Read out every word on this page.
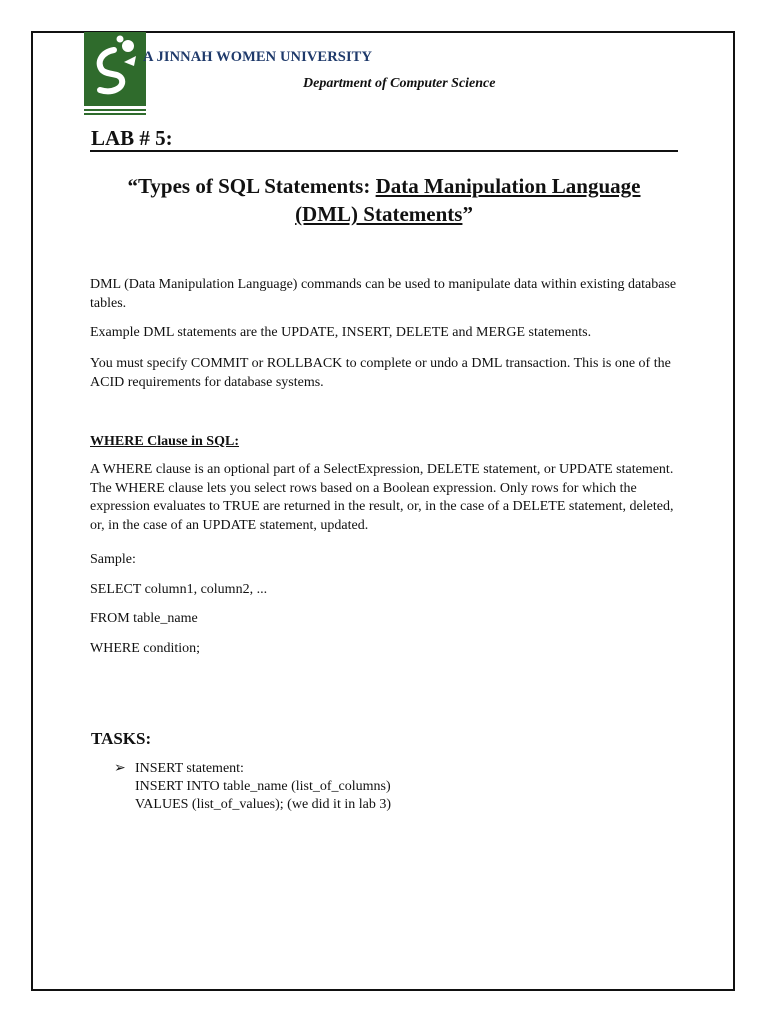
A JINNAH WOMEN UNIVERSITY
Department of Computer Science
LAB # 5:
“Types of SQL Statements: Data Manipulation Language
(DML) Statements”
DML (Data Manipulation Language) commands can be used to manipulate data within existing database tables.
Example DML statements are the UPDATE, INSERT, DELETE and MERGE statements.
You must specify COMMIT or ROLLBACK to complete or undo a DML transaction. This is one of the ACID requirements for database systems.
WHERE Clause in SQL:
A WHERE clause is an optional part of a SelectExpression, DELETE statement, or UPDATE statement. The WHERE clause lets you select rows based on a Boolean expression. Only rows for which the expression evaluates to TRUE are returned in the result, or, in the case of a DELETE statement, deleted, or, in the case of an UPDATE statement, updated.
Sample:
SELECT column1, column2, ...
FROM table_name
WHERE condition;
TASKS:
➢ INSERT statement:
INSERT INTO table_name (list_of_columns)
VALUES (list_of_values); (we did it in lab 3)
